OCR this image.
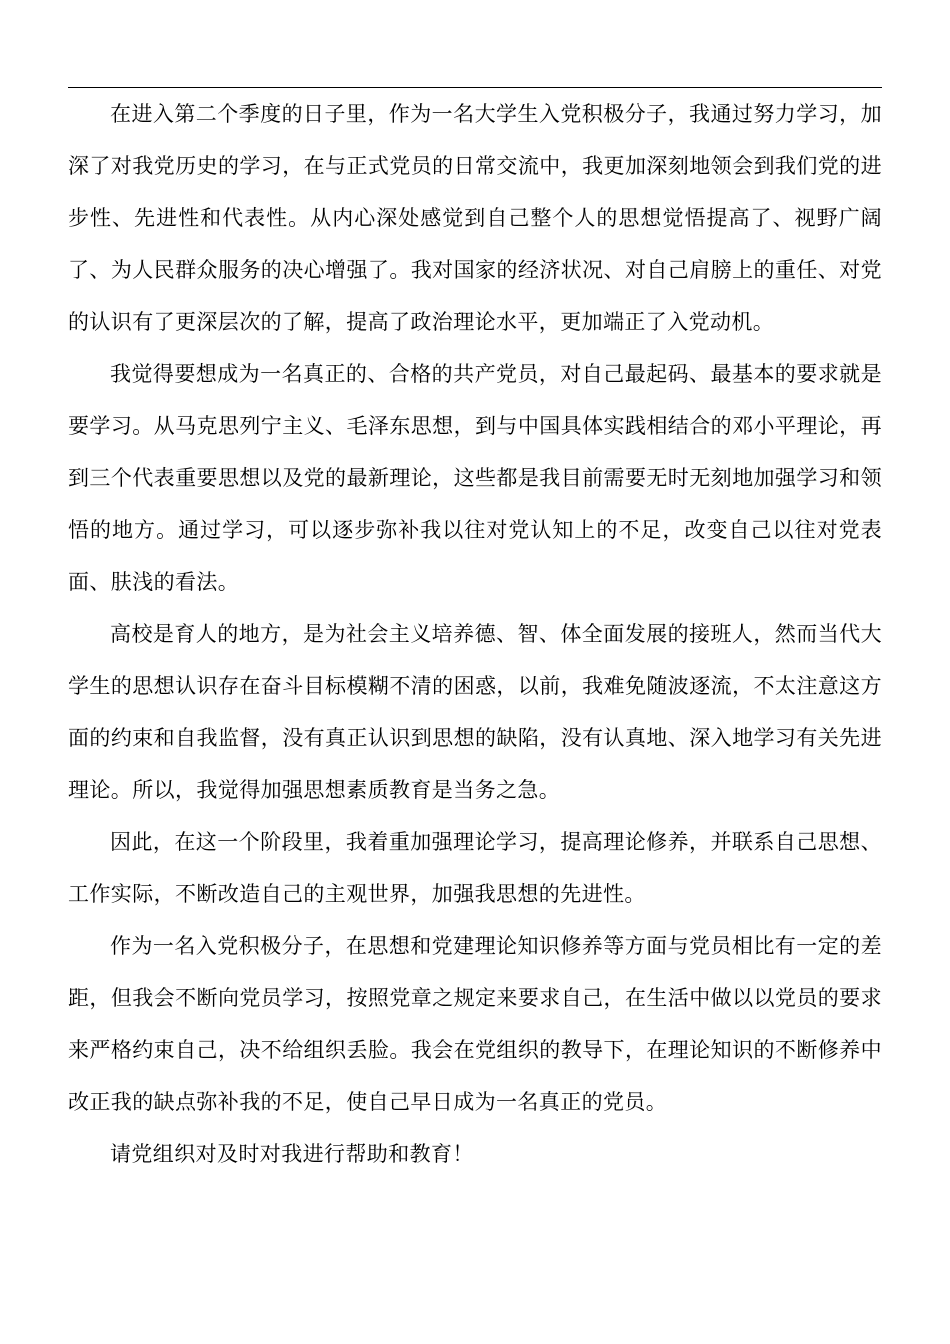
在进入第二个季度的日子里，作为一名大学生入党积极分子，我通过努力学习，加深了对我党历史的学习，在与正式党员的日常交流中，我更加深刻地领会到我们党的进步性、先进性和代表性。从内心深处感觉到自己整个人的思想觉悟提高了、视野广阔了、为人民群众服务的决心增强了。我对国家的经济状况、对自己肩膀上的重任、对党的认识有了更深层次的了解，提高了政治理论水平，更加端正了入党动机。

我觉得要想成为一名真正的、合格的共产党员，对自己最起码、最基本的要求就是要学习。从马克思列宁主义、毛泽东思想，到与中国具体实践相结合的邓小平理论，再到三个代表重要思想以及党的最新理论，这些都是我目前需要无时无刻地加强学习和领悟的地方。通过学习，可以逐步弥补我以往对党认知上的不足，改变自己以往对党表面、肤浅的看法。

高校是育人的地方，是为社会主义培养德、智、体全面发展的接班人，然而当代大学生的思想认识存在奋斗目标模糊不清的困惑，以前，我难免随波逐流，不太注意这方面的约束和自我监督，没有真正认识到思想的缺陷，没有认真地、深入地学习有关先进理论。所以，我觉得加强思想素质教育是当务之急。

因此，在这一个阶段里，我着重加强理论学习，提高理论修养，并联系自己思想、工作实际，不断改造自己的主观世界，加强我思想的先进性。

作为一名入党积极分子，在思想和党建理论知识修养等方面与党员相比有一定的差距，但我会不断向党员学习，按照党章之规定来要求自己，在生活中做以以党员的要求来严格约束自己，决不给组织丢脸。我会在党组织的教导下，在理论知识的不断修养中改正我的缺点弥补我的不足，使自己早日成为一名真正的党员。

请党组织对及时对我进行帮助和教育！
